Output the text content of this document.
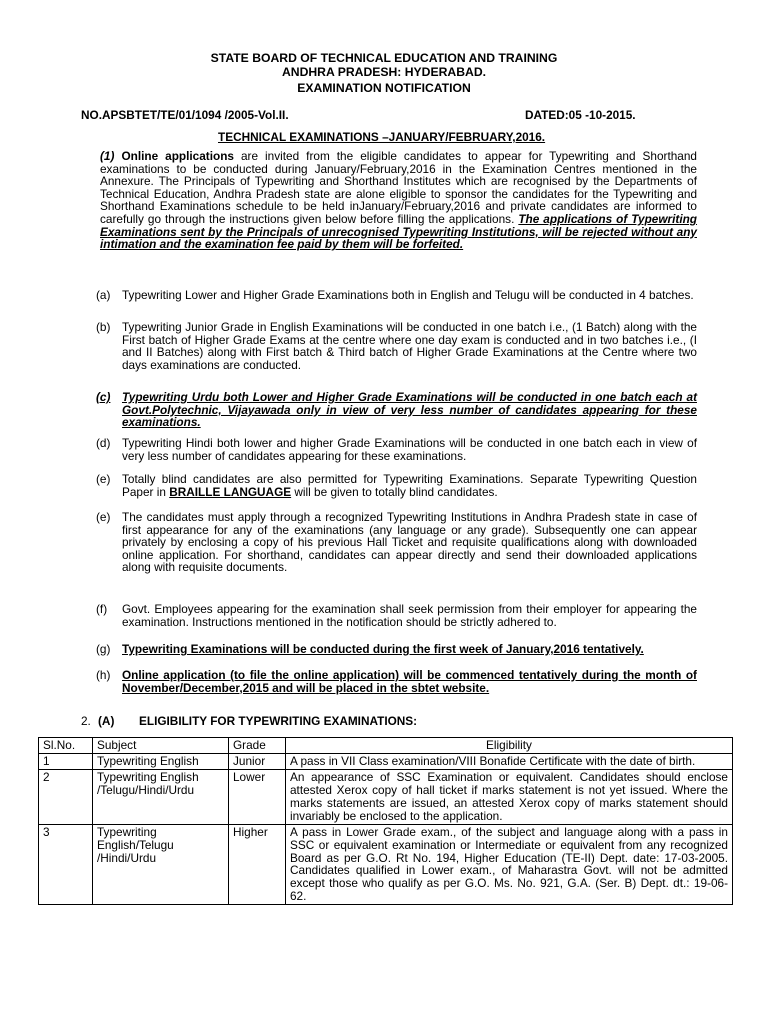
STATE BOARD OF TECHNICAL EDUCATION AND TRAINING
ANDHRA PRADESH: HYDERABAD.
EXAMINATION NOTIFICATION
NO.APSBTET/TE/01/1094 /2005-Vol.II.	DATED:05 -10-2015.
TECHNICAL EXAMINATIONS –JANUARY/FEBRUARY,2016.
(1) Online applications are invited from the eligible candidates to appear for Typewriting and Shorthand examinations to be conducted during January/February,2016 in the Examination Centres mentioned in the Annexure. The Principals of Typewriting and Shorthand Institutes which are recognised by the Departments of Technical Education, Andhra Pradesh state are alone eligible to sponsor the candidates for the Typewriting and Shorthand Examinations schedule to be held inJanuary/February,2016 and private candidates are informed to carefully go through the instructions given below before filling the applications. The applications of Typewriting Examinations sent by the Principals of unrecognised Typewriting Institutions, will be rejected without any intimation and the examination fee paid by them will be forfeited.
(a) Typewriting Lower and Higher Grade Examinations both in English and Telugu will be conducted in 4 batches.
(b) Typewriting Junior Grade in English Examinations will be conducted in one batch i.e., (1 Batch) along with the First batch of Higher Grade Exams at the centre where one day exam is conducted and in two batches i.e., (I and II Batches) along with First batch & Third batch of Higher Grade Examinations at the Centre where two days examinations are conducted.
(c) Typewriting Urdu both Lower and Higher Grade Examinations will be conducted in one batch each at Govt.Polytechnic, Vijayawada only in view of very less number of candidates appearing for these examinations.
(d) Typewriting Hindi both lower and higher Grade Examinations will be conducted in one batch each in view of very less number of candidates appearing for these examinations.
(e) Totally blind candidates are also permitted for Typewriting Examinations. Separate Typewriting Question Paper in BRAILLE LANGUAGE will be given to totally blind candidates.
(e) The candidates must apply through a recognized Typewriting Institutions in Andhra Pradesh state in case of first appearance for any of the examinations (any language or any grade). Subsequently one can appear privately by enclosing a copy of his previous Hall Ticket and requisite qualifications along with downloaded online application. For shorthand, candidates can appear directly and send their downloaded applications along with requisite documents.
(f) Govt. Employees appearing for the examination shall seek permission from their employer for appearing the examination. Instructions mentioned in the notification should be strictly adhered to.
(g) Typewriting Examinations will be conducted during the first week of January,2016 tentatively.
(h) Online application (to file the online application) will be commenced tentatively during the month of November/December,2015 and will be placed in the sbtet website.
2. (A) ELIGIBILITY FOR TYPEWRITING EXAMINATIONS:
Sl.No.	Subject	Grade	Eligibility
1	Typewriting English	Junior	A pass in VII Class examination/VIII Bonafide Certificate with the date of birth.
2	Typewriting English /Telugu/Hindi/Urdu	Lower	An appearance of SSC Examination or equivalent. Candidates should enclose attested Xerox copy of hall ticket if marks statement is not yet issued. Where the marks statements are issued, an attested Xerox copy of marks statement should invariably be enclosed to the application.
3	Typewriting English/Telugu /Hindi/Urdu	Higher	A pass in Lower Grade exam., of the subject and language along with a pass in SSC or equivalent examination or Intermediate or equivalent from any recognized Board as per G.O. Rt No. 194, Higher Education (TE-II) Dept. date: 17-03-2005. Candidates qualified in Lower exam., of Maharastra Govt. will not be admitted except those who qualify as per G.O. Ms. No. 921, G.A. (Ser. B) Dept. dt.: 19-06-62.
